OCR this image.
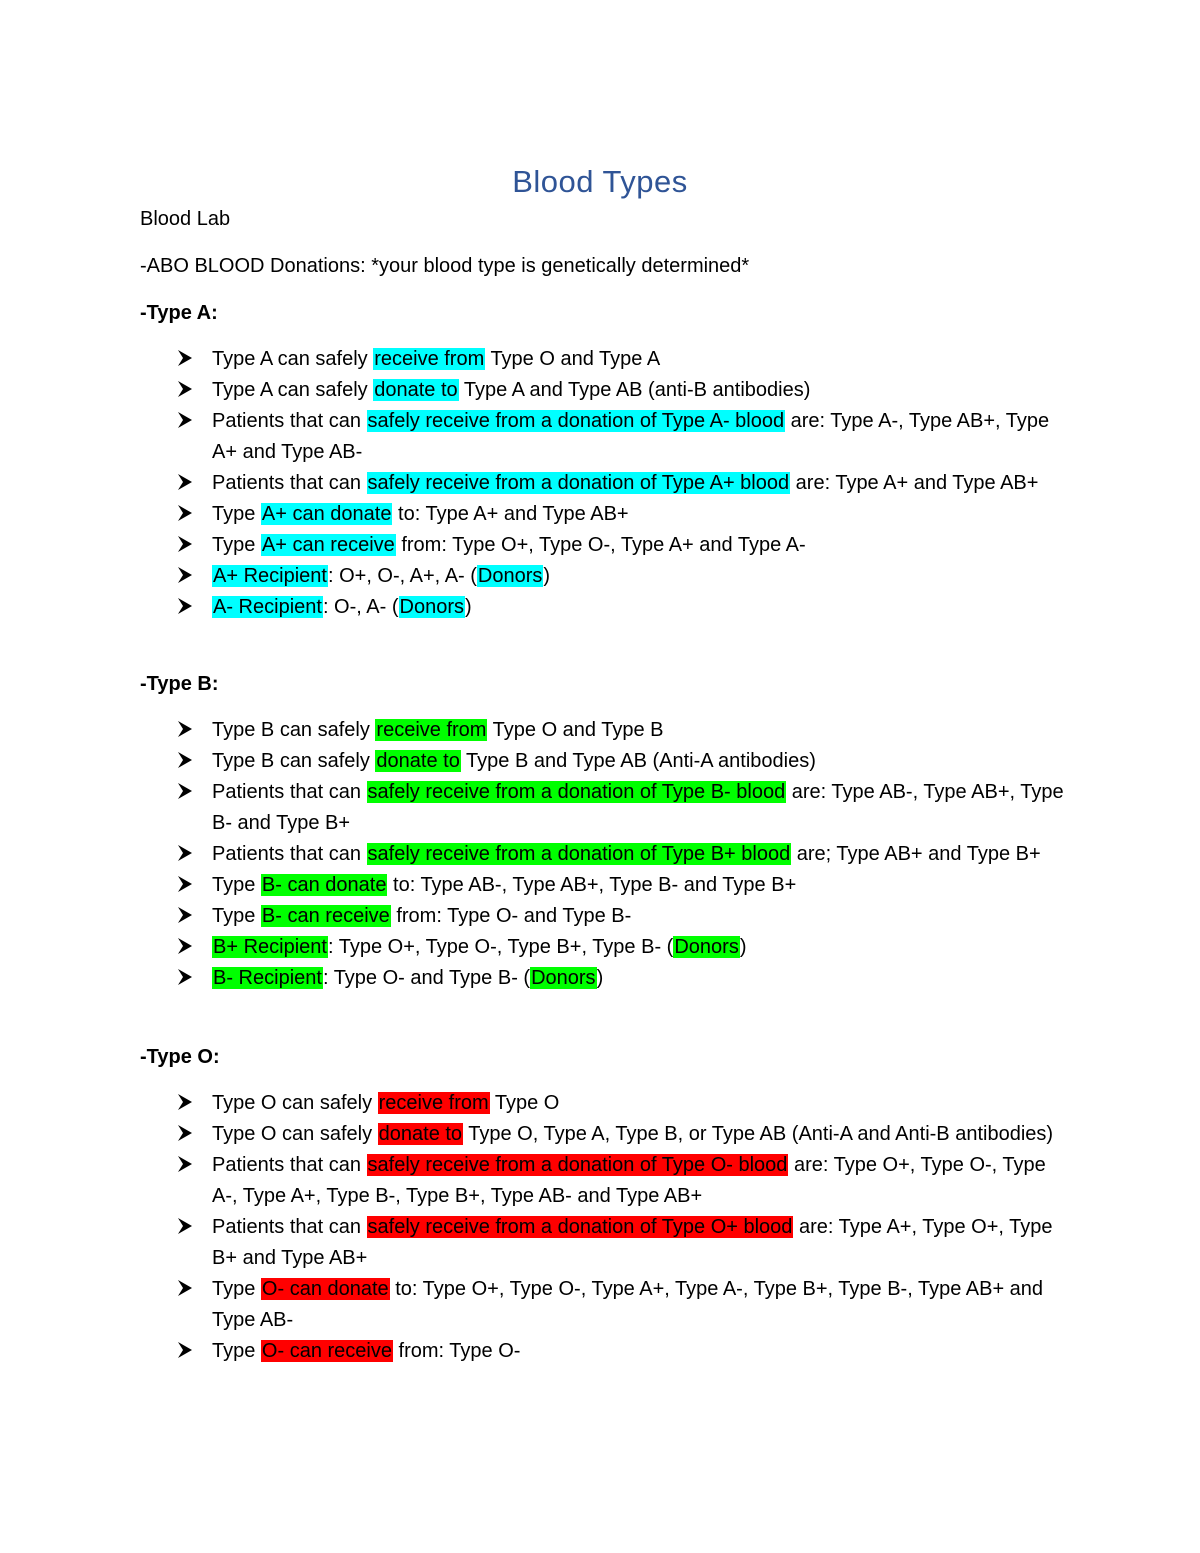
Blood Types
Blood Lab
-ABO BLOOD Donations: *your blood type is genetically determined*
-Type A:
Type A can safely receive from Type O and Type A
Type A can safely donate to Type A and Type AB (anti-B antibodies)
Patients that can safely receive from a donation of Type A- blood are: Type A-, Type AB+, Type A+ and Type AB-
Patients that can safely receive from a donation of Type A+ blood are: Type A+ and Type AB+
Type A+ can donate to: Type A+ and Type AB+
Type A+ can receive from: Type O+, Type O-, Type A+ and Type A-
A+ Recipient: O+, O-, A+, A- (Donors)
A- Recipient: O-, A- (Donors)
-Type B:
Type B can safely receive from Type O and Type B
Type B can safely donate to Type B and Type AB (Anti-A antibodies)
Patients that can safely receive from a donation of Type B- blood are: Type AB-, Type AB+, Type B- and Type B+
Patients that can safely receive from a donation of Type B+ blood are; Type AB+ and Type B+
Type B- can donate to: Type AB-, Type AB+, Type B- and Type B+
Type B- can receive from: Type O- and Type B-
B+ Recipient: Type O+, Type O-, Type B+, Type B- (Donors)
B- Recipient: Type O- and Type B- (Donors)
-Type O:
Type O can safely receive from Type O
Type O can safely donate to Type O, Type A, Type B, or Type AB (Anti-A and Anti-B antibodies)
Patients that can safely receive from a donation of Type O- blood are: Type O+, Type O-, Type A-, Type A+, Type B-, Type B+, Type AB- and Type AB+
Patients that can safely receive from a donation of Type O+ blood are: Type A+, Type O+, Type B+ and Type AB+
Type O- can donate to: Type O+, Type O-, Type A+, Type A-, Type B+, Type B-, Type AB+ and Type AB-
Type O- can receive from: Type O-
